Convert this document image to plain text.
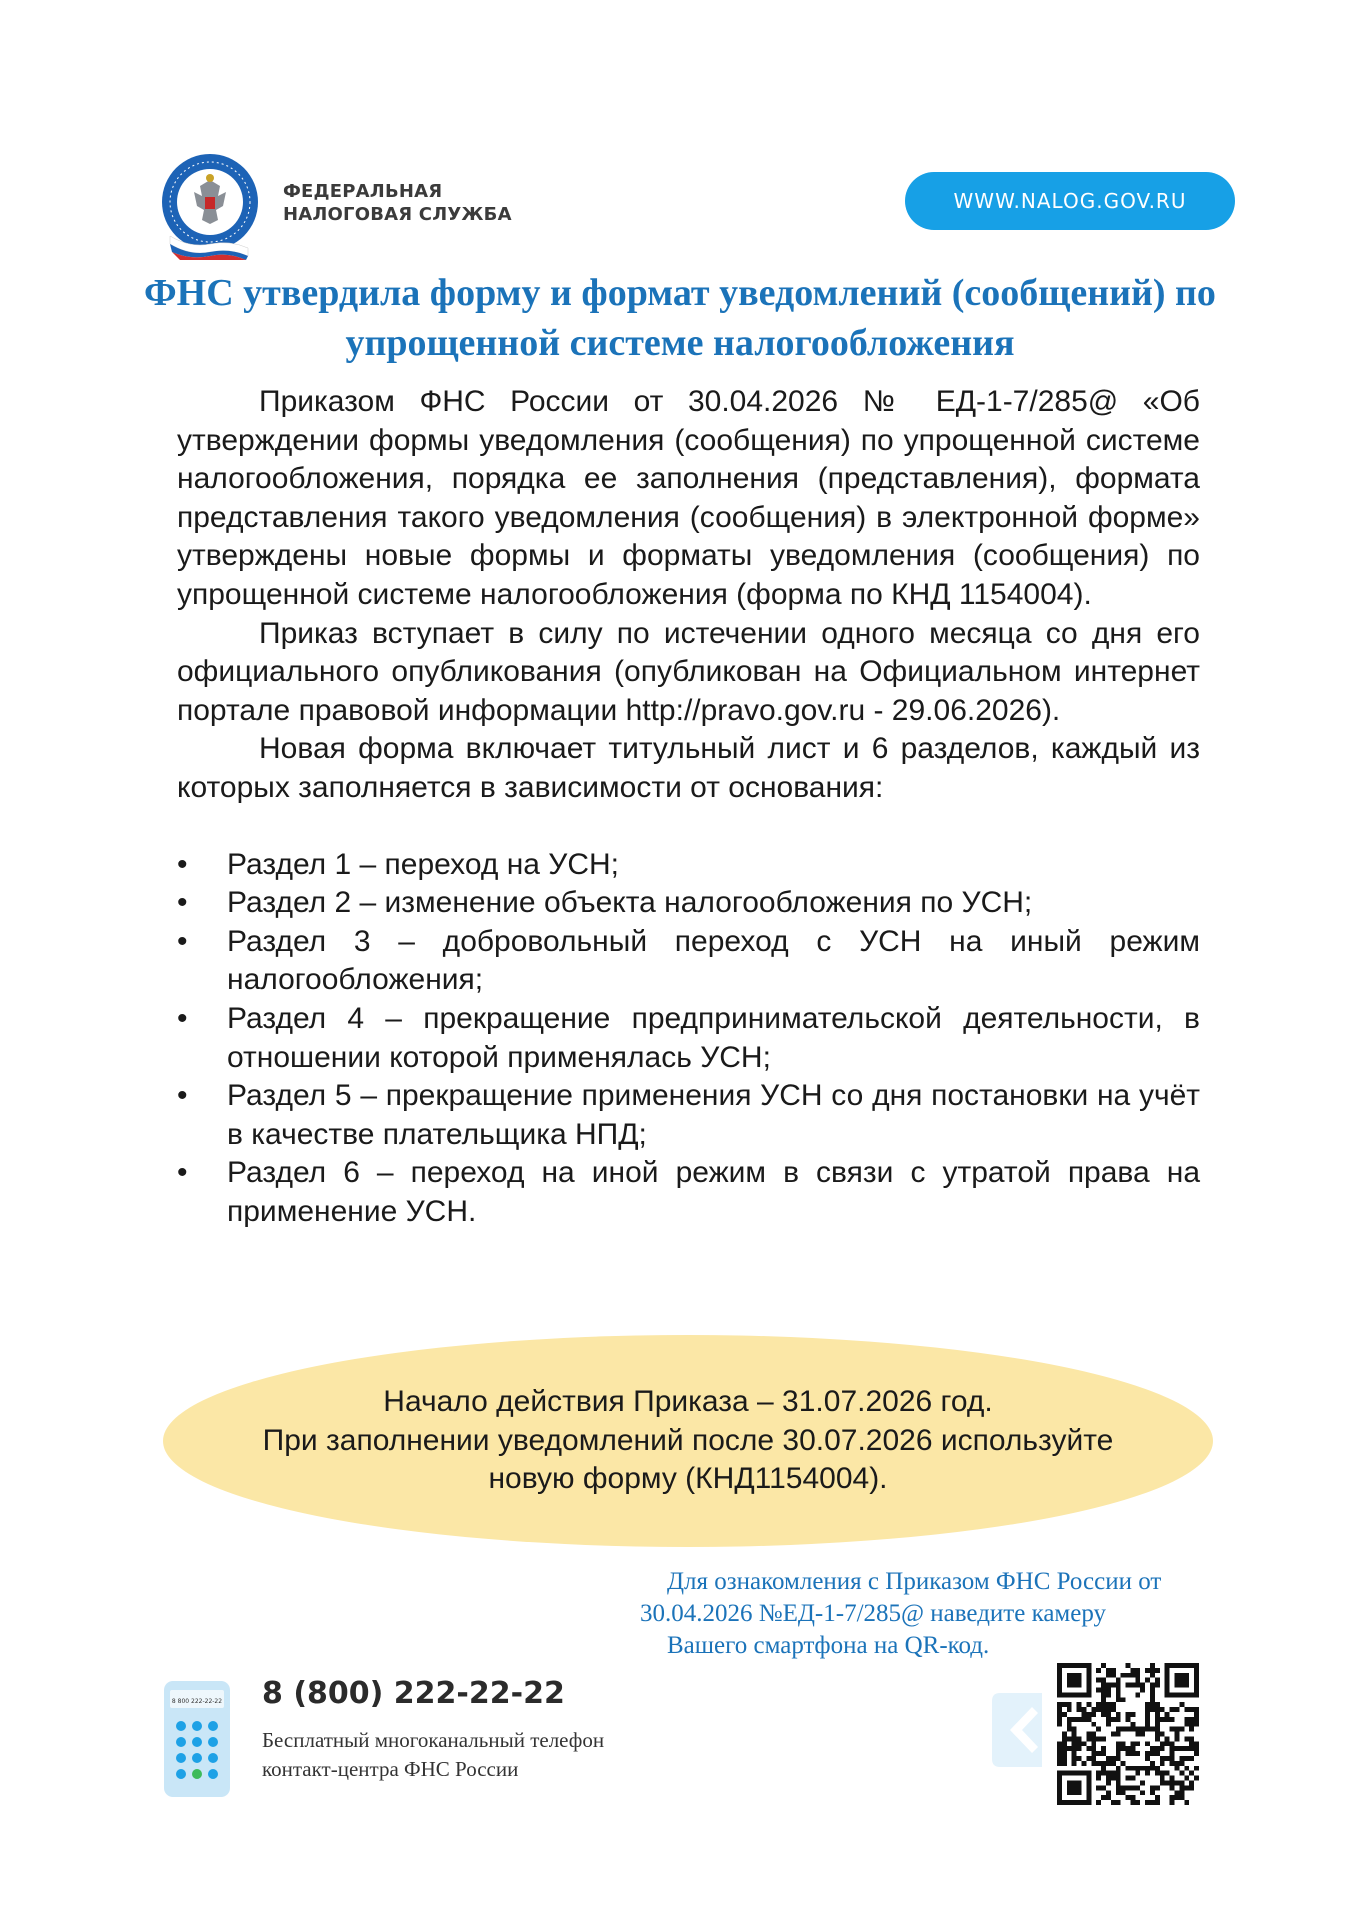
ФЕДЕРАЛЬНАЯ
НАЛОГОВАЯ СЛУЖБА
WWW.NALOG.GOV.RU
ФНС утвердила форму и формат уведомлений (сообщений) по упрощенной системе налогообложения

Приказом ФНС России от 30.04.2026 № ЕД-1-7/285@ «Об утверждении формы уведомления (сообщения) по упрощенной системе налогообложения, порядка ее заполнения (представления), формата представления такого уведомления (сообщения) в электронной форме» утверждены новые формы и форматы уведомления (сообщения) по упрощенной системе налогообложения (форма по КНД 1154004).

Приказ вступает в силу по истечении одного месяца со дня его официального опубликования (опубликован на Официальном интернет портале правовой информации http://pravo.gov.ru - 29.06.2026).

Новая форма включает титульный лист и 6 разделов, каждый из которых заполняется в зависимости от основания:

• Раздел 1 – переход на УСН;
• Раздел 2 – изменение объекта налогообложения по УСН;
• Раздел 3 – добровольный переход с УСН на иный режим налогообложения;
• Раздел 4 – прекращение предпринимательской деятельности, в отношении которой применялась УСН;
• Раздел 5 – прекращение применения УСН со дня постановки на учёт в качестве плательщика НПД;
• Раздел 6 – переход на иной режим в связи с утратой права на применение УСН.
Начало действия Приказа – 31.07.2026 год.
При заполнении уведомлений после 30.07.2026 используйте
новую форму (КНД1154004).

Для ознакомления с Приказом ФНС России от
30.04.2026 №ЕД-1-7/285@ наведите камеру
Вашего смартфона на QR-код.

8 800 222-22-22 8 (800) 222-22-22
Бесплатный многоканальный телефон
контакт-центра ФНС России
